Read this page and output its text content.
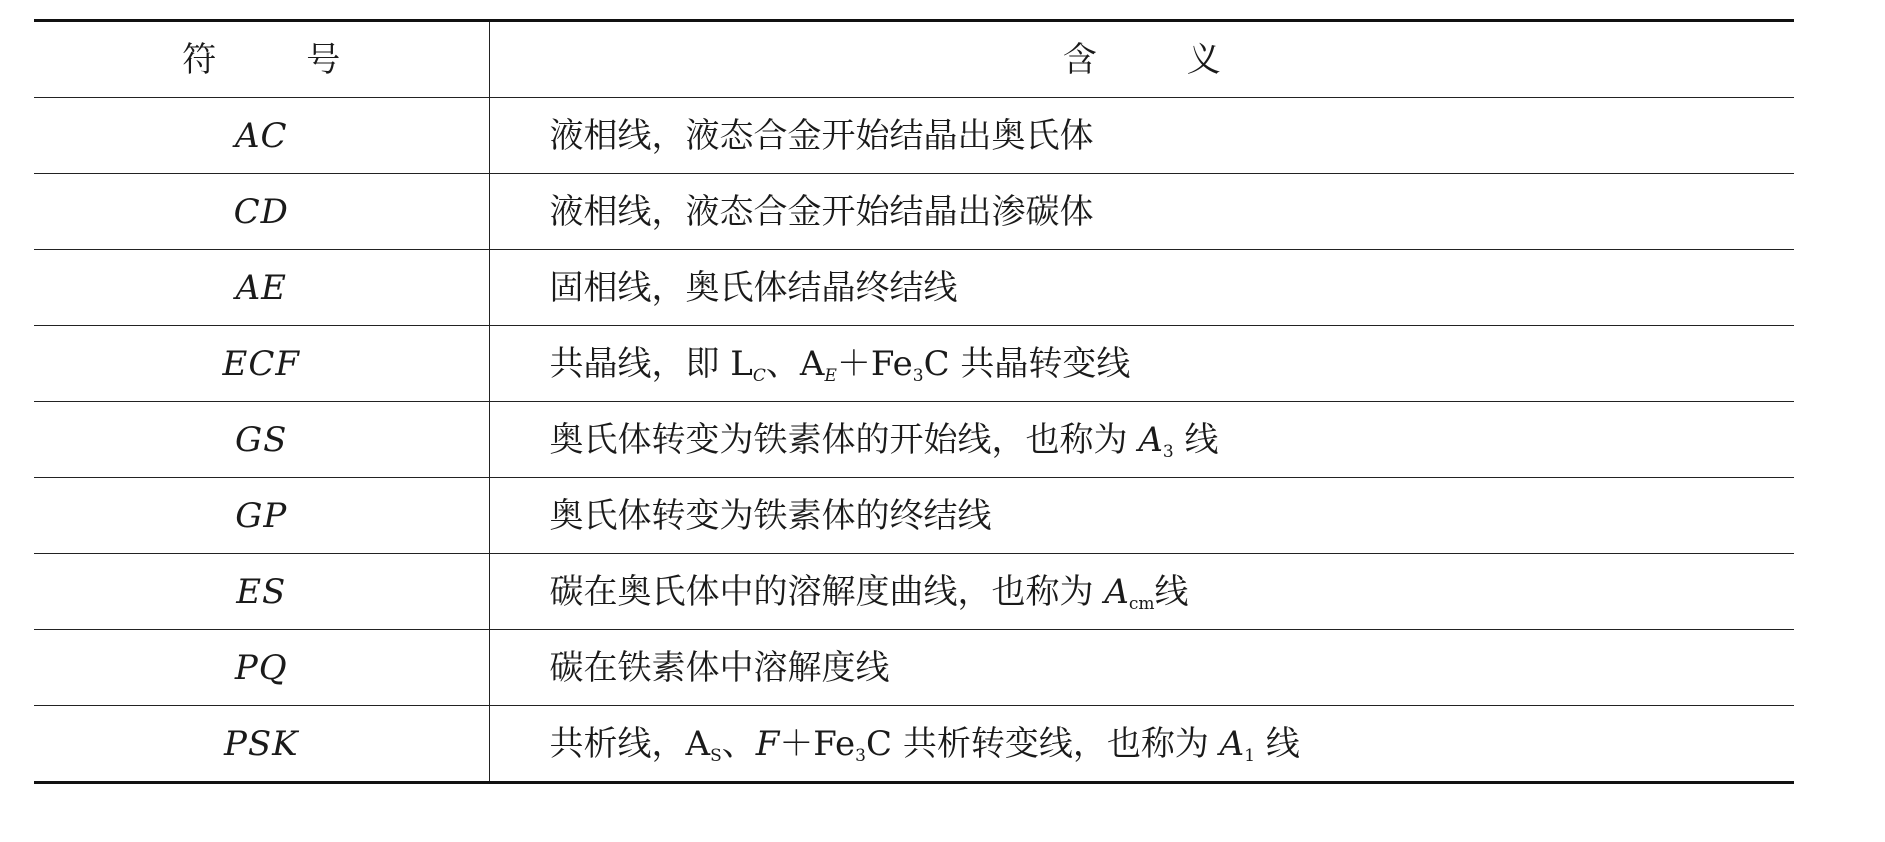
符 号	含 义
AC	液相线，液态合金开始结晶出奥氏体
CD	液相线，液态合金开始结晶出渗碳体
AE	固相线，奥氏体结晶终结线
ECF	共晶线，即 $L_C$、$A_E+Fe_3C$ 共晶转变线
GS	奥氏体转变为铁素体的开始线，也称为 $A_3$ 线
GP	奥氏体转变为铁素体的终结线
ES	碳在奥氏体中的溶解度曲线，也称为 $A_{cm}$线
PQ	碳在铁素体中溶解度线
PSK	共析线，$A_S$、$F+Fe_3C$ 共析转变线，也称为 $A_1$ 线
